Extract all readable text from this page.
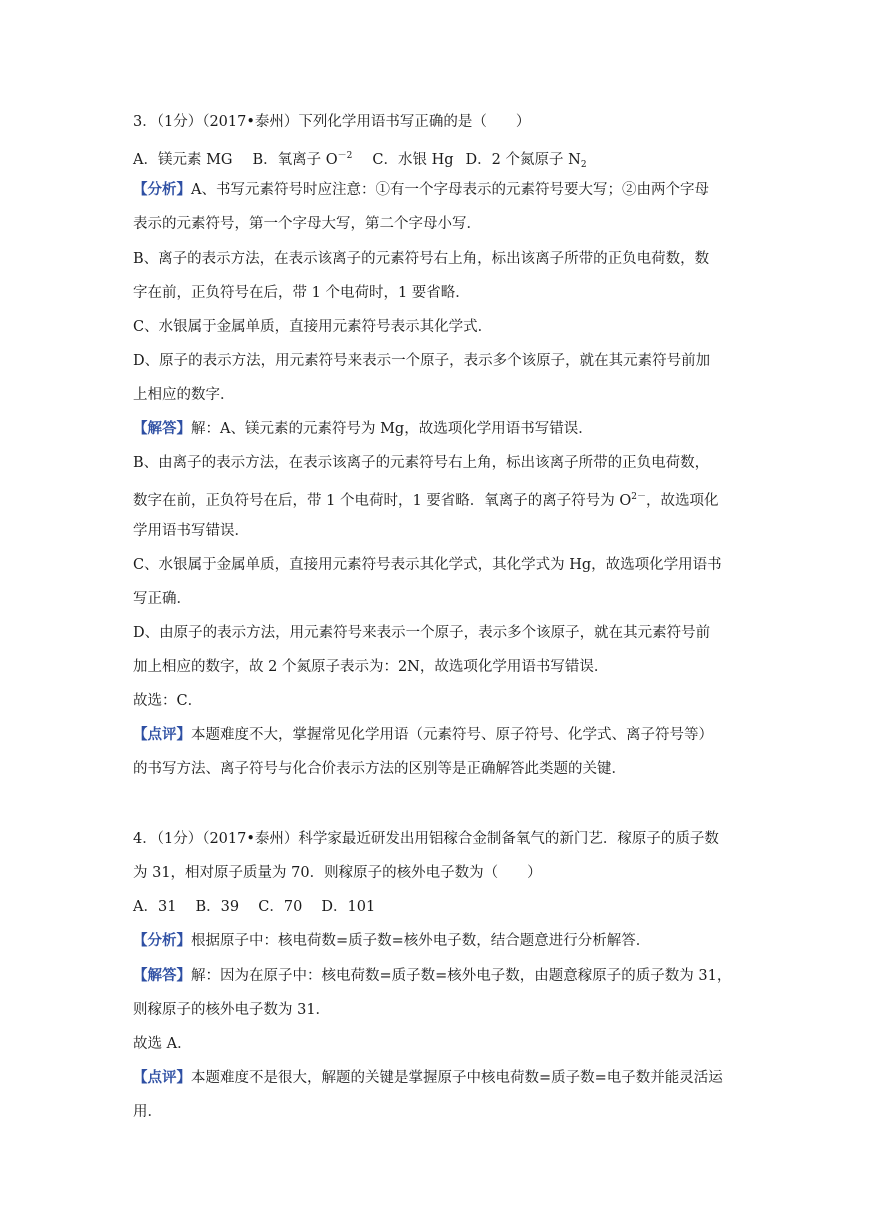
3．（1分）（2017•泰州）下列化学用语书写正确的是（　　）
A．镁元素 MG B．氧离子 $O^{-2}$ C．水银 Hg D．2 个氮原子 $N_2$
【分析】A、书写元素符号时应注意：①有一个字母表示的元素符号要大写；②由两个字母
表示的元素符号，第一个字母大写，第二个字母小写．
B、离子的表示方法，在表示该离子的元素符号右上角，标出该离子所带的正负电荷数，数
字在前，正负符号在后，带 1 个电荷时，1 要省略．
C、水银属于金属单质，直接用元素符号表示其化学式．
D、原子的表示方法，用元素符号来表示一个原子，表示多个该原子，就在其元素符号前加
上相应的数字．
【解答】解：A、镁元素的元素符号为 Mg，故选项化学用语书写错误．
B、由离子的表示方法，在表示该离子的元素符号右上角，标出该离子所带的正负电荷数，
数字在前，正负符号在后，带 1 个电荷时，1 要省略．氧离子的离子符号为 $O^{2-}$，故选项化
学用语书写错误．
C、水银属于金属单质，直接用元素符号表示其化学式，其化学式为 Hg，故选项化学用语书
写正确．
D、由原子的表示方法，用元素符号来表示一个原子，表示多个该原子，就在其元素符号前
加上相应的数字，故 2 个氮原子表示为：2N，故选项化学用语书写错误．
故选：C．
【点评】本题难度不大，掌握常见化学用语（元素符号、原子符号、化学式、离子符号等）
的书写方法、离子符号与化合价表示方法的区别等是正确解答此类题的关键．
4．（1分）（2017•泰州）科学家最近研发出用铝稼合金制备氧气的新门艺．稼原子的质子数
为 31，相对原子质量为 70．则稼原子的核外电子数为（　　）
A．31　 B．39　 C．70　 D．101
【分析】根据原子中：核电荷数=质子数=核外电子数，结合题意进行分析解答．
【解答】解：因为在原子中：核电荷数=质子数=核外电子数，由题意稼原子的质子数为 31，
则稼原子的核外电子数为 31．
故选 A．
【点评】本题难度不是很大，解题的关键是掌握原子中核电荷数=质子数=电子数并能灵活运
用．
